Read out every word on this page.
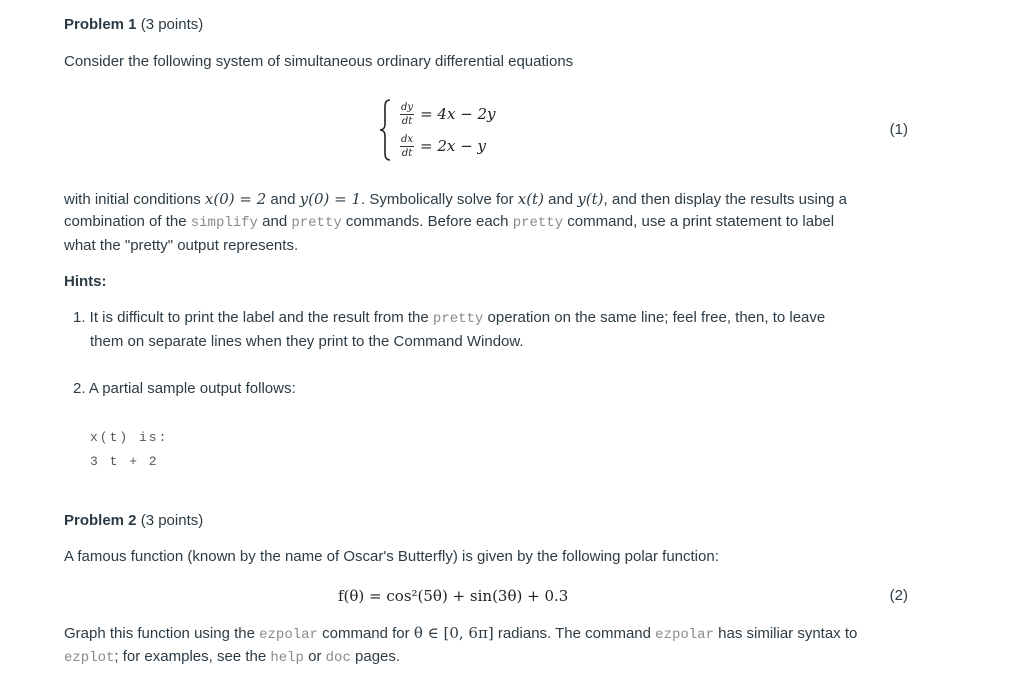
Problem 1 (3 points)
Consider the following system of simultaneous ordinary differential equations
$\frac{dy}{dt} = 4x - 2y$
$\frac{dx}{dt} = 2x - y$
(1)
with initial conditions x(0) = 2 and y(0) = 1. Symbolically solve for x(t) and y(t), and then display the results using a
combination of the simplify and pretty commands. Before each pretty command, use a print statement to label
what the "pretty" output represents.
Hints:
1. It is difficult to print the label and the result from the pretty operation on the same line; feel free, then, to leave
them on separate lines when they print to the Command Window.
2. A partial sample output follows:
x(t) is:
3 t + 2
Problem 2 (3 points)
A famous function (known by the name of Oscar's Butterfly) is given by the following polar function:
f(θ) = cos²(5θ) + sin(3θ) + 0.3	(2)
Graph this function using the ezpolar command for θ ∈ [0, 6π] radians. The command ezpolar has similiar syntax to
ezplot; for examples, see the help or doc pages.
